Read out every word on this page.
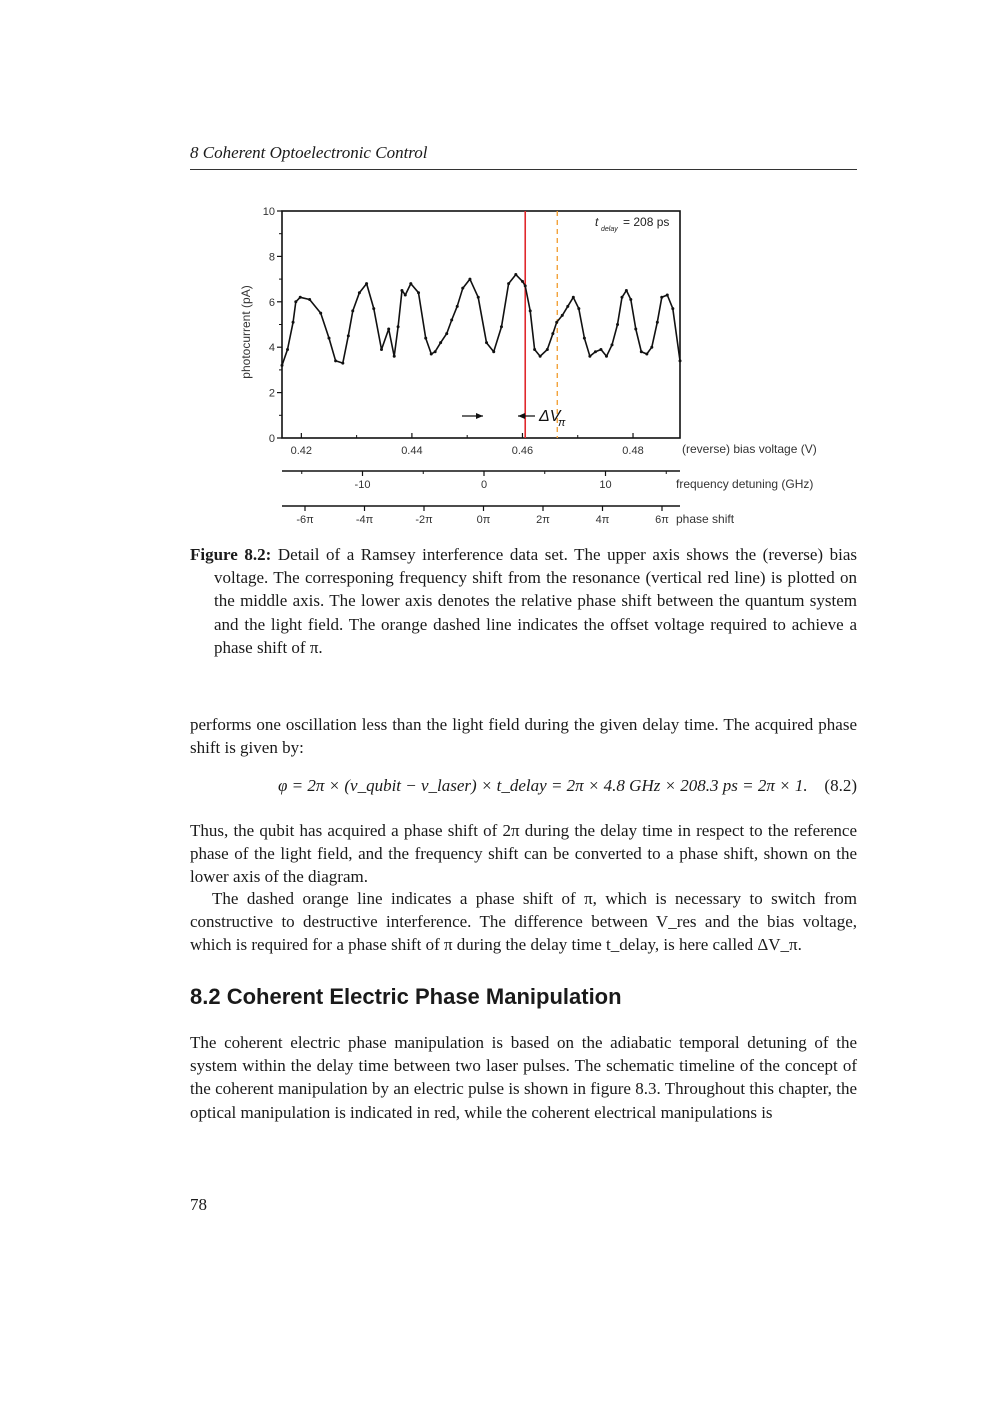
8 Coherent Optoelectronic Control
0
2
4
6
8
10
0.42	0.44	0.46	0.48
-10	0	10
-6π	-4π	-2π	0π	2π	4π	6π
photocurrent (pA)
t
delay
= 208 ps
ΔV
π
(reverse) bias voltage (V)
frequency detuning (GHz)
phase shift

Figure 8.2: Detail of a Ramsey interference data set. The upper axis shows the (reverse) bias voltage. The corresponing frequency shift from the resonance (vertical red line) is plotted on the middle axis. The lower axis denotes the relative phase shift between the quantum system and the light field. The orange dashed line indicates the offset voltage required to achieve a phase shift of π.

performs one oscillation less than the light field during the given delay time. The acquired phase shift is given by:

φ = 2π × (ν_qubit − ν_laser) × t_delay = 2π × 4.8 GHz × 208.3 ps = 2π × 1. (8.2)

Thus, the qubit has acquired a phase shift of 2π during the delay time in respect to the reference phase of the light field, and the frequency shift can be converted to a phase shift, shown on the lower axis of the diagram.

The dashed orange line indicates a phase shift of π, which is necessary to switch from constructive to destructive interference. The difference between V_res and the bias voltage, which is required for a phase shift of π during the delay time t_delay, is here called ΔV_π.

8.2 Coherent Electric Phase Manipulation

The coherent electric phase manipulation is based on the adiabatic temporal detuning of the system within the delay time between two laser pulses. The schematic timeline of the concept of the coherent manipulation by an electric pulse is shown in figure 8.3. Throughout this chapter, the optical manipulation is indicated in red, while the coherent electrical manipulations is

78
